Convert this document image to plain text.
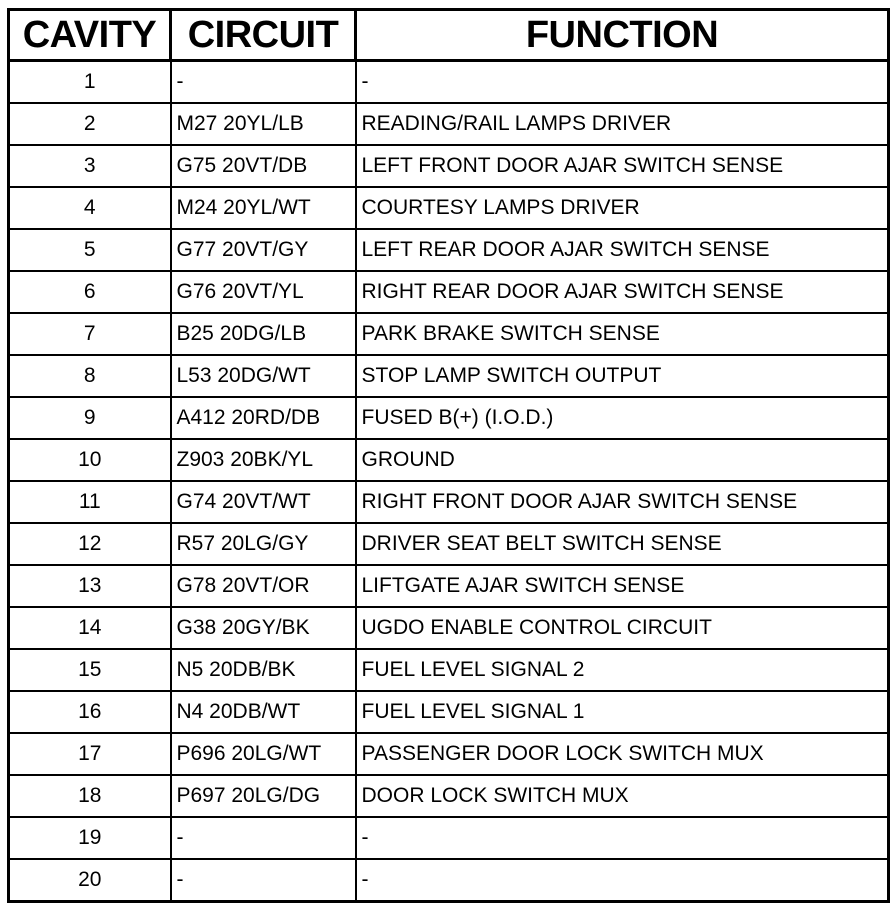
CAVITY	CIRCUIT	FUNCTION
1	-	-
2	M27 20YL/LB	READING/RAIL LAMPS DRIVER
3	G75 20VT/DB	LEFT FRONT DOOR AJAR SWITCH SENSE
4	M24 20YL/WT	COURTESY LAMPS DRIVER
5	G77 20VT/GY	LEFT REAR DOOR AJAR SWITCH SENSE
6	G76 20VT/YL	RIGHT REAR DOOR AJAR SWITCH SENSE
7	B25 20DG/LB	PARK BRAKE SWITCH SENSE
8	L53 20DG/WT	STOP LAMP SWITCH OUTPUT
9	A412 20RD/DB	FUSED B(+) (I.O.D.)
10	Z903 20BK/YL	GROUND
11	G74 20VT/WT	RIGHT FRONT DOOR AJAR SWITCH SENSE
12	R57 20LG/GY	DRIVER SEAT BELT SWITCH SENSE
13	G78 20VT/OR	LIFTGATE AJAR SWITCH SENSE
14	G38 20GY/BK	UGDO ENABLE CONTROL CIRCUIT
15	N5 20DB/BK	FUEL LEVEL SIGNAL 2
16	N4 20DB/WT	FUEL LEVEL SIGNAL 1
17	P696 20LG/WT	PASSENGER DOOR LOCK SWITCH MUX
18	P697 20LG/DG	DOOR LOCK SWITCH MUX
19	-	-
20	-	-
